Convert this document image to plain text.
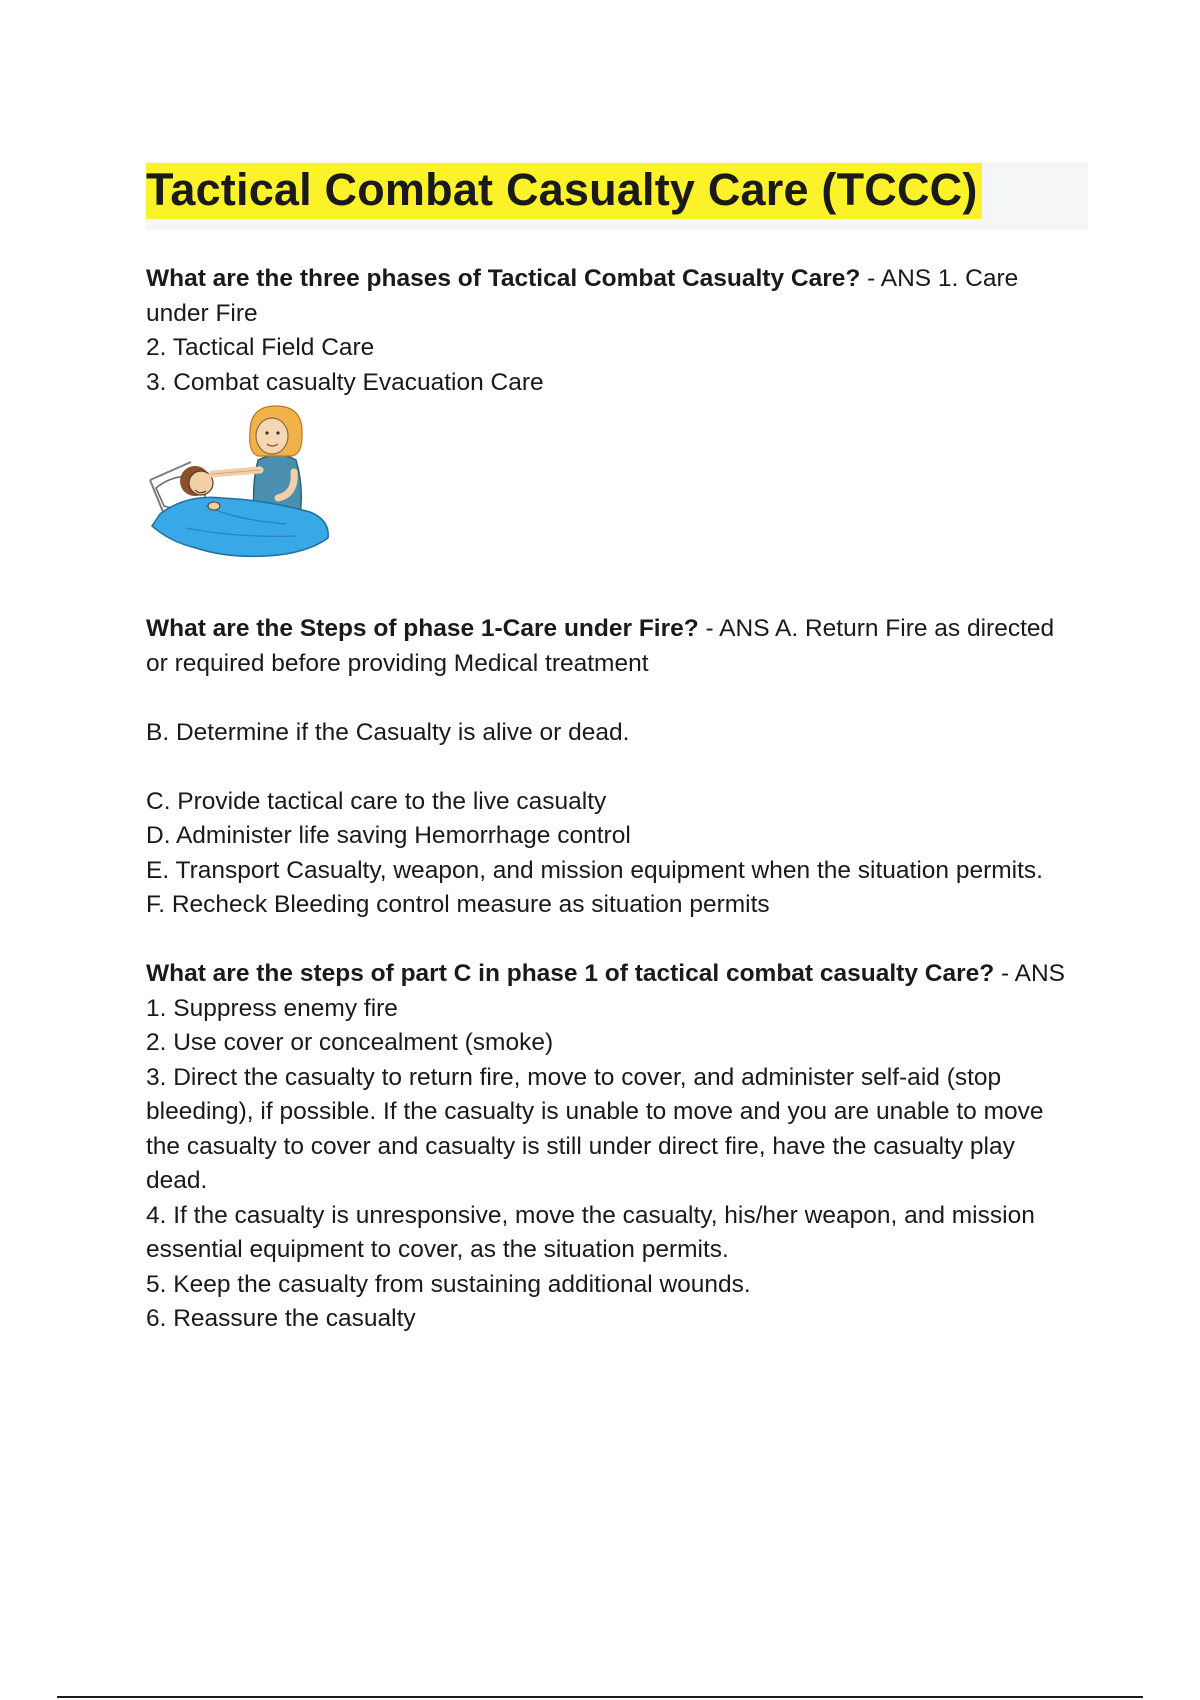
Tactical Combat Casualty Care (TCCC)

What are the three phases of Tactical Combat Casualty Care? - ANS 1. Care under Fire

2. Tactical Field Care

3. Combat casualty Evacuation Care

What are the Steps of phase 1-Care under Fire? - ANS A. Return Fire as directed or required before providing Medical treatment

B. Determine if the Casualty is alive or dead.

C. Provide tactical care to the live casualty

D. Administer life saving Hemorrhage control

E. Transport Casualty, weapon, and mission equipment when the situation permits.

F. Recheck Bleeding control measure as situation permits

What are the steps of part C in phase 1 of tactical combat casualty Care? - ANS 1. Suppress enemy fire

2. Use cover or concealment (smoke)

3. Direct the casualty to return fire, move to cover, and administer self-aid (stop bleeding), if possible. If the casualty is unable to move and you are unable to move the casualty to cover and casualty is still under direct fire, have the casualty play dead.

4. If the casualty is unresponsive, move the casualty, his/her weapon, and mission essential equipment to cover, as the situation permits.

5. Keep the casualty from sustaining additional wounds.

6. Reassure the casualty
